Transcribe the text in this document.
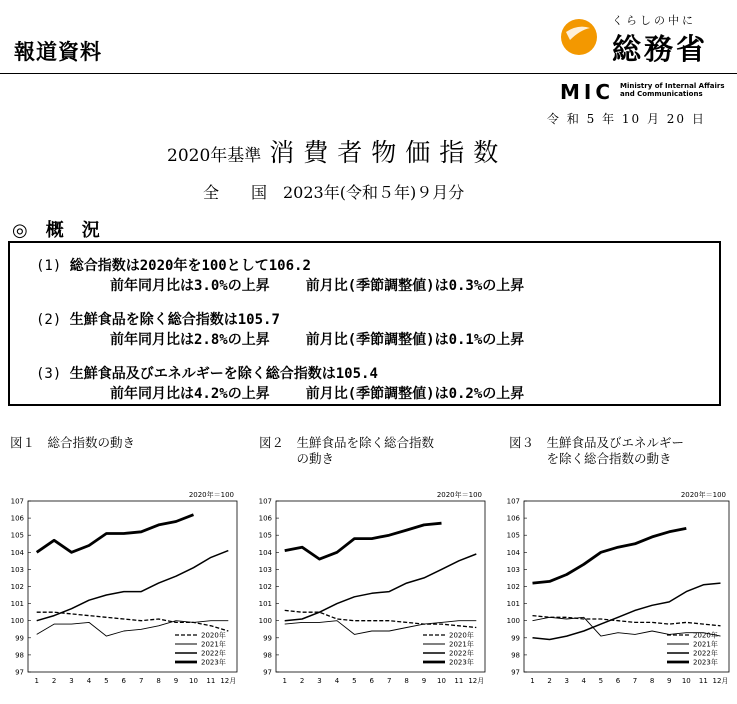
報道資料
くらしの中に
総務省
MIC Ministry of Internal Affairs
and Communications
令 和 5 年 10 月 20 日
2020年基準 消費者物価指数
全　　国　2023年(令和５年)９月分
◎　概　況
(1) 総合指数は2020年を100として106.2
前年同月比は3.0%の上昇	前月比(季節調整値)は0.3%の上昇
(2) 生鮮食品を除く総合指数は105.7
前年同月比は2.8%の上昇	前月比(季節調整値)は0.1%の上昇
(3) 生鮮食品及びエネルギーを除く総合指数は105.4
前年同月比は4.2%の上昇	前月比(季節調整値)は0.2%の上昇
図１　総合指数の動き	図２　生鮮食品を除く総合指数
　　　の動き
図３　生鮮食品及びエネルギー
　　　を除く総合指数の動き
97
98
99
100
101
102
103
104
105
106
107
1 2 3 4 5 6 7 8 9 10 11 12月
2020年＝100
2020年
2021年
2022年
2023年
97
98
99
100
101
102
103
104
105
106
107
1 2 3 4 5 6 7 8 9 10 11 12月
2020年＝100
2020年
2021年
2022年
2023年
97
98
99
100
101
102
103
104
105
106
107
1 2 3 4 5 6 7 8 9 10 11 12月
2020年＝100
2020年
2021年
2022年
2023年
